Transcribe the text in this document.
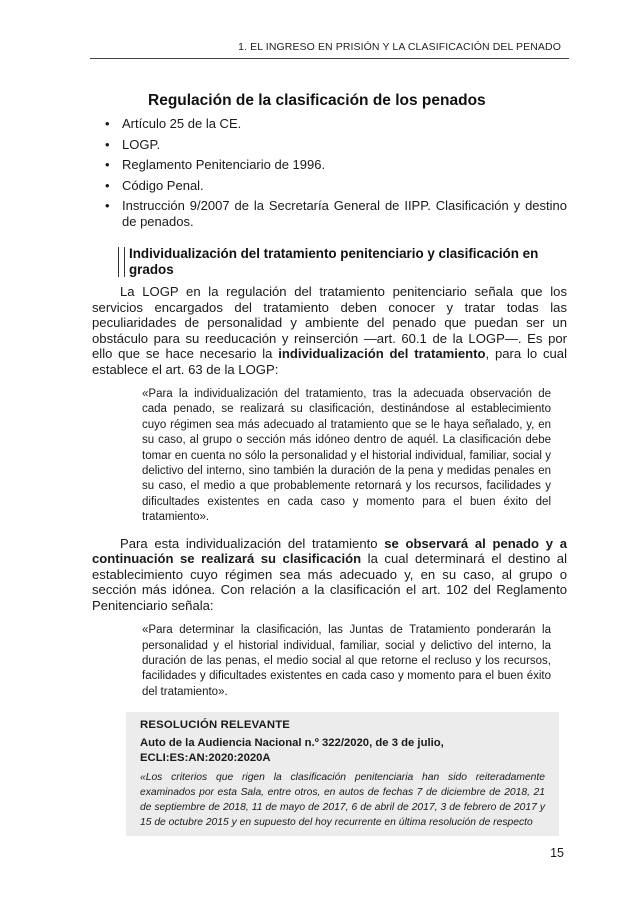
1. EL INGRESO EN PRISIÓN Y LA CLASIFICACIÓN DEL PENADO
Regulación de la clasificación de los penados
• Artículo 25 de la CE.
• LOGP.
• Reglamento Penitenciario de 1996.
• Código Penal.
• Instrucción 9/2007 de la Secretaría General de IIPP. Clasificación y destino de penados.
Individualización del tratamiento penitenciario y clasificación en grados

La LOGP en la regulación del tratamiento penitenciario señala que los servicios encargados del tratamiento deben conocer y tratar todas las peculiaridades de personalidad y ambiente del penado que puedan ser un obstáculo para su reeducación y reinserción —art. 60.1 de la LOGP—. Es por ello que se hace necesario la individualización del tratamiento, para lo cual establece el art. 63 de la LOGP:

«Para la individualización del tratamiento, tras la adecuada observación de cada penado, se realizará su clasificación, destinándose al establecimiento cuyo régimen sea más adecuado al tratamiento que se le haya señalado, y, en su caso, al grupo o sección más idóneo dentro de aquél. La clasificación debe tomar en cuenta no sólo la personalidad y el historial individual, familiar, social y delictivo del interno, sino también la duración de la pena y medidas penales en su caso, el medio a que probablemente retornará y los recursos, facilidades y dificultades existentes en cada caso y momento para el buen éxito del tratamiento».

Para esta individualización del tratamiento se observará al penado y a continuación se realizará su clasificación la cual determinará el destino al establecimiento cuyo régimen sea más adecuado y, en su caso, al grupo o sección más idónea. Con relación a la clasificación el art. 102 del Reglamento Penitenciario señala:

«Para determinar la clasificación, las Juntas de Tratamiento ponderarán la personalidad y el historial individual, familiar, social y delictivo del interno, la duración de las penas, el medio social al que retorne el recluso y los recursos, facilidades y dificultades existentes en cada caso y momento para el buen éxito del tratamiento».
RESOLUCIÓN RELEVANTE
Auto de la Audiencia Nacional n.º 322/2020, de 3 de julio,
ECLI:ES:AN:2020:2020A
«Los criterios que rigen la clasificación penitenciaria han sido reiteradamente examinados por esta Sala, entre otros, en autos de fechas 7 de diciembre de 2018, 21 de septiembre de 2018, 11 de mayo de 2017, 6 de abril de 2017, 3 de febrero de 2017 y 15 de octubre 2015 y en supuesto del hoy recurrente en última resolución de respecto
15
